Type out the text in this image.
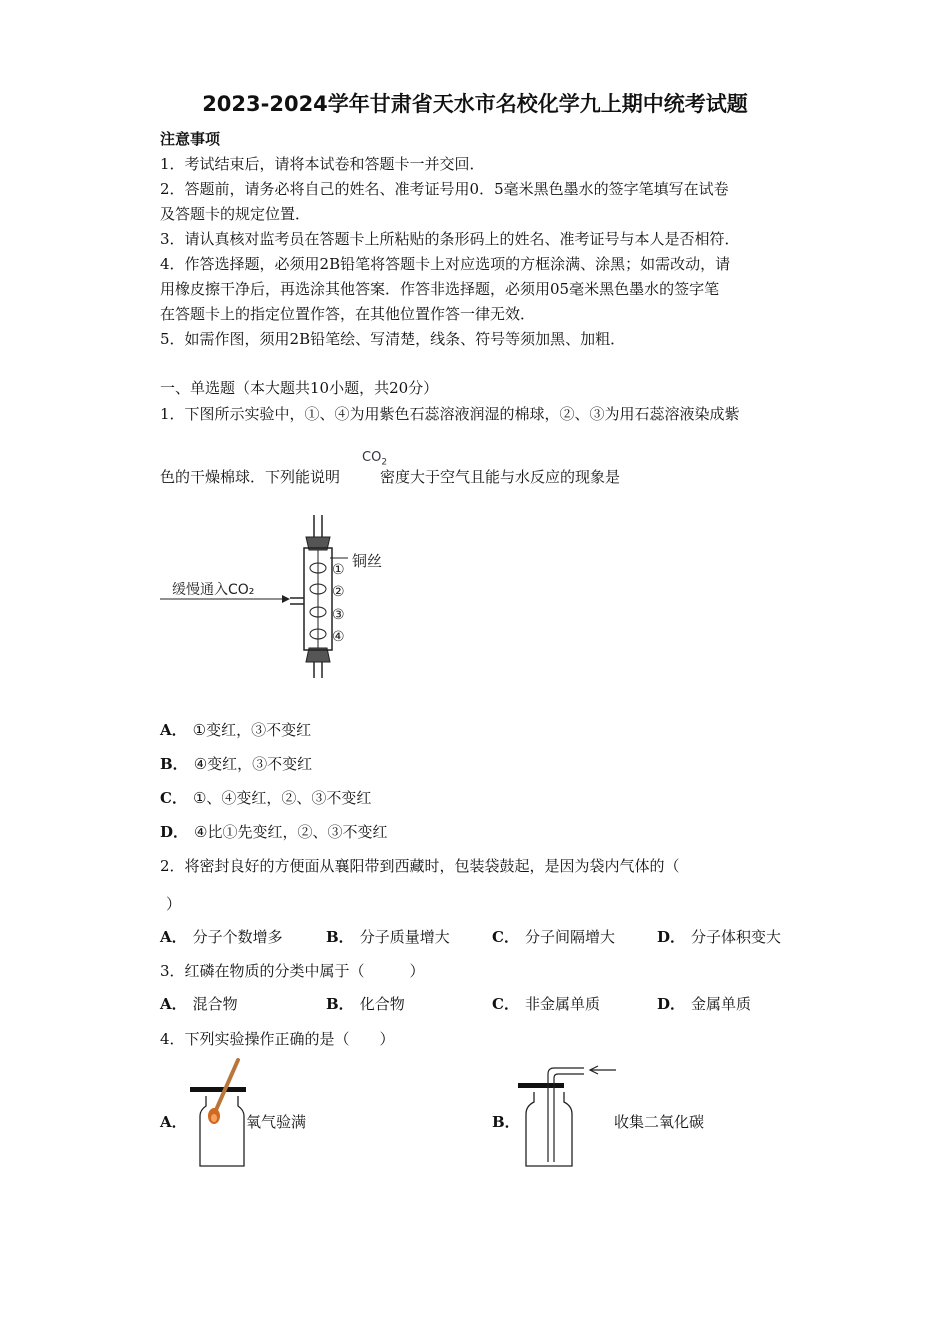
2023-2024学年甘肃省天水市名校化学九上期中统考试题
注意事项
1．考试结束后，请将本试卷和答题卡一并交回．
2．答题前，请务必将自己的姓名、准考证号用0．5毫米黑色墨水的签字笔填写在试卷
及答题卡的规定位置．
3．请认真核对监考员在答题卡上所粘贴的条形码上的姓名、准考证号与本人是否相符．
4．作答选择题，必须用2B铅笔将答题卡上对应选项的方框涂满、涂黑；如需改动，请
用橡皮擦干净后，再选涂其他答案．作答非选择题，必须用05毫米黑色墨水的签字笔
在答题卡上的指定位置作答，在其他位置作答一律无效．
5．如需作图，须用2B铅笔绘、写清楚，线条、符号等须加黑、加粗．
一、单选题（本大题共10小题，共20分）
1．下图所示实验中，①、④为用紫色石蕊溶液润湿的棉球，②、③为用石蕊溶液染成紫
色的干燥棉球．下列能说明	密度大于空气且能与水反应的现象是
$CO_2$
缓慢通入CO₂
铜丝
①
②
③
④
A． ①变红，③不变红
B． ④变红，③不变红
C． ①、④变红，②、③不变红
D． ④比①先变红，②、③不变红
2．将密封良好的方便面从襄阳带到西藏时，包装袋鼓起，是因为袋内气体的（
）
A． 分子个数增多	B． 分子质量增大	C． 分子间隔增大	D． 分子体积变大
3．红磷在物质的分类中属于（　　　）
A． 混合物	B． 化合物	C． 非金属单质	D． 金属单质
4．下列实验操作正确的是（　　）
A．	氧气验满	B．	收集二氧化碳
